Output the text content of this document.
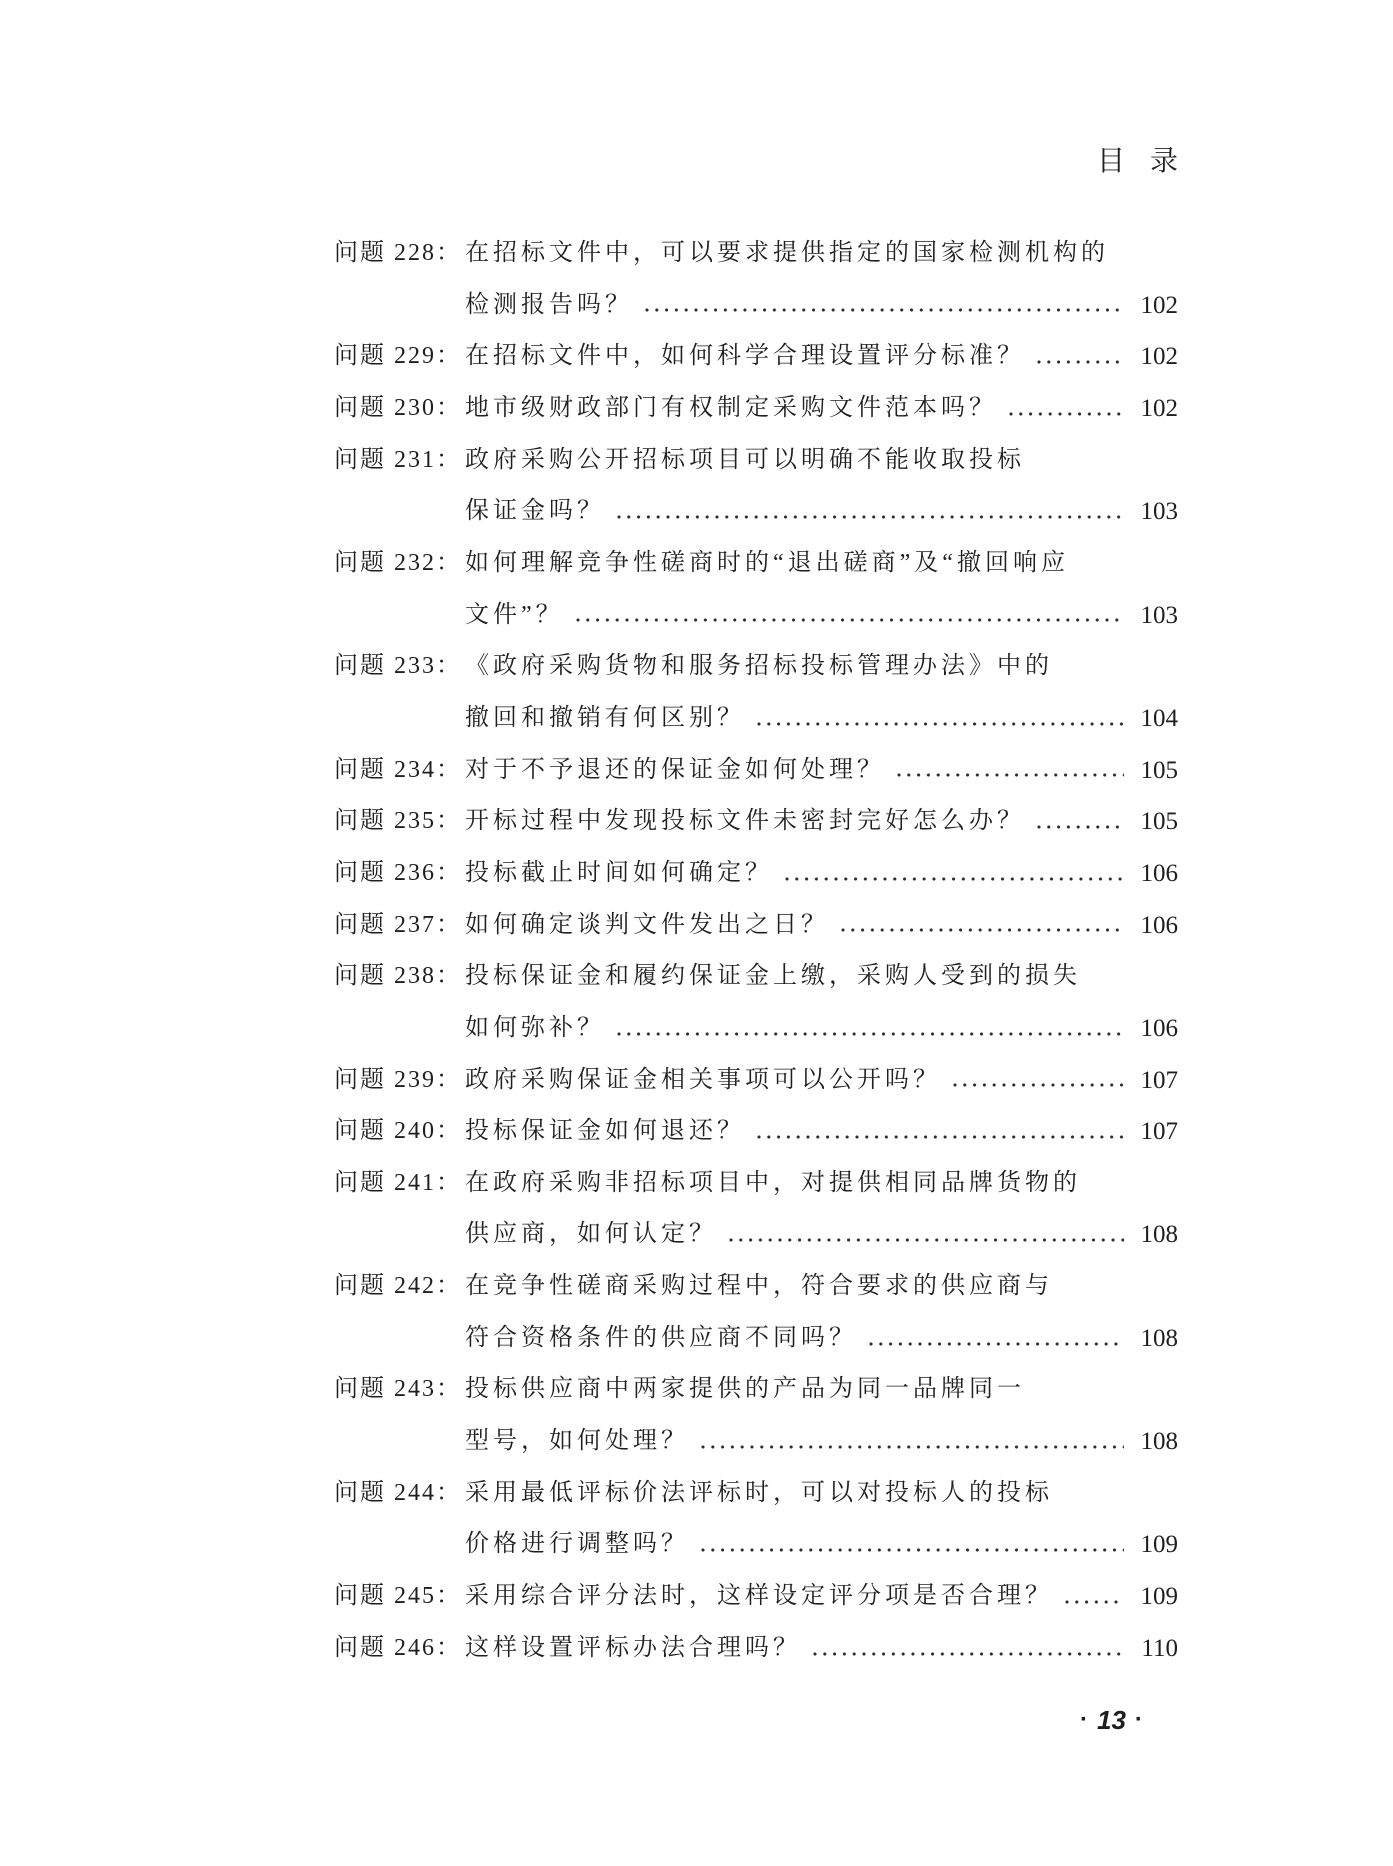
目 录
问题 228： 在招标文件中，可以要求提供指定的国家检测机构的
检测报告吗？	102
问题 229： 在招标文件中，如何科学合理设置评分标准？	102
问题 230： 地市级财政部门有权制定采购文件范本吗？	102
问题 231： 政府采购公开招标项目可以明确不能收取投标
保证金吗？	103
问题 232： 如何理解竞争性磋商时的“退出磋商”及“撤回响应
文件”？	103
问题 233： 《政府采购货物和服务招标投标管理办法》中的
撤回和撤销有何区别？	104
问题 234： 对于不予退还的保证金如何处理？	105
问题 235： 开标过程中发现投标文件未密封完好怎么办？	105
问题 236： 投标截止时间如何确定？	106
问题 237： 如何确定谈判文件发出之日？	106
问题 238： 投标保证金和履约保证金上缴，采购人受到的损失
如何弥补？	106
问题 239： 政府采购保证金相关事项可以公开吗？	107
问题 240： 投标保证金如何退还？	107
问题 241： 在政府采购非招标项目中，对提供相同品牌货物的
供应商，如何认定？	108
问题 242： 在竞争性磋商采购过程中，符合要求的供应商与
符合资格条件的供应商不同吗？	108
问题 243： 投标供应商中两家提供的产品为同一品牌同一
型号，如何处理？	108
问题 244： 采用最低评标价法评标时，可以对投标人的投标
价格进行调整吗？	109
问题 245： 采用综合评分法时，这样设定评分项是否合理？	109
问题 246： 这样设置评标办法合理吗？	110
· 13 ·
